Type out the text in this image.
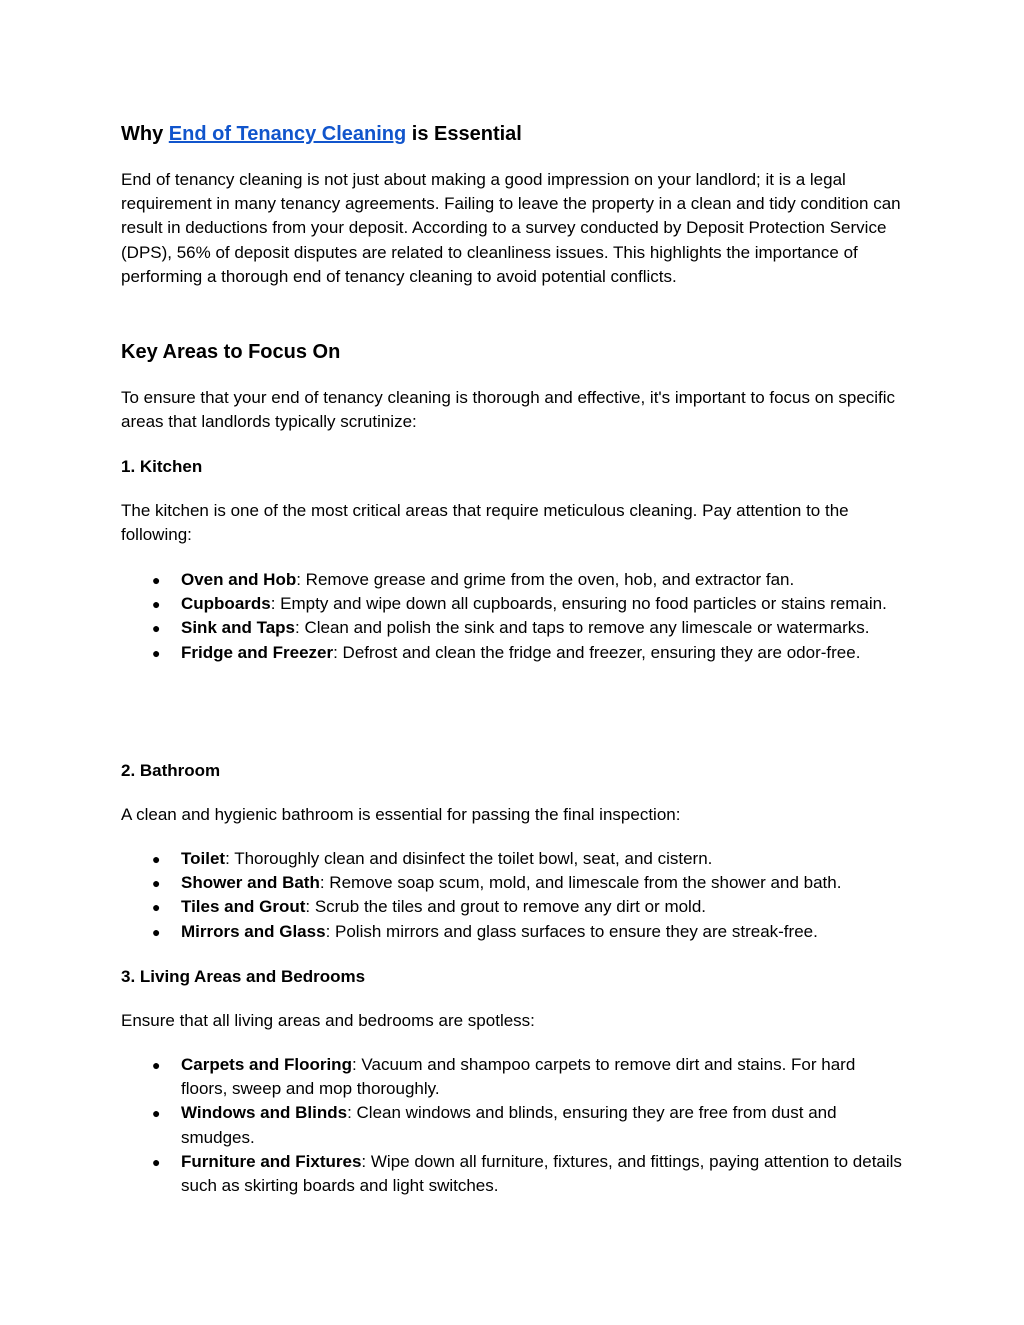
Why End of Tenancy Cleaning is Essential

End of tenancy cleaning is not just about making a good impression on your landlord; it is a legal requirement in many tenancy agreements. Failing to leave the property in a clean and tidy condition can result in deductions from your deposit. According to a survey conducted by Deposit Protection Service (DPS), 56% of deposit disputes are related to cleanliness issues. This highlights the importance of performing a thorough end of tenancy cleaning to avoid potential conflicts.

Key Areas to Focus On

To ensure that your end of tenancy cleaning is thorough and effective, it's important to focus on specific areas that landlords typically scrutinize:

1. Kitchen

The kitchen is one of the most critical areas that require meticulous cleaning. Pay attention to the following:

● Oven and Hob: Remove grease and grime from the oven, hob, and extractor fan.
● Cupboards: Empty and wipe down all cupboards, ensuring no food particles or stains remain.
● Sink and Taps: Clean and polish the sink and taps to remove any limescale or watermarks.
● Fridge and Freezer: Defrost and clean the fridge and freezer, ensuring they are odor-free.
2. Bathroom

A clean and hygienic bathroom is essential for passing the final inspection:

● Toilet: Thoroughly clean and disinfect the toilet bowl, seat, and cistern.
● Shower and Bath: Remove soap scum, mold, and limescale from the shower and bath.
● Tiles and Grout: Scrub the tiles and grout to remove any dirt or mold.
● Mirrors and Glass: Polish mirrors and glass surfaces to ensure they are streak-free.
3. Living Areas and Bedrooms

Ensure that all living areas and bedrooms are spotless:

● Carpets and Flooring: Vacuum and shampoo carpets to remove dirt and stains. For hard floors, sweep and mop thoroughly.
● Windows and Blinds: Clean windows and blinds, ensuring they are free from dust and smudges.
● Furniture and Fixtures: Wipe down all furniture, fixtures, and fittings, paying attention to details such as skirting boards and light switches.
